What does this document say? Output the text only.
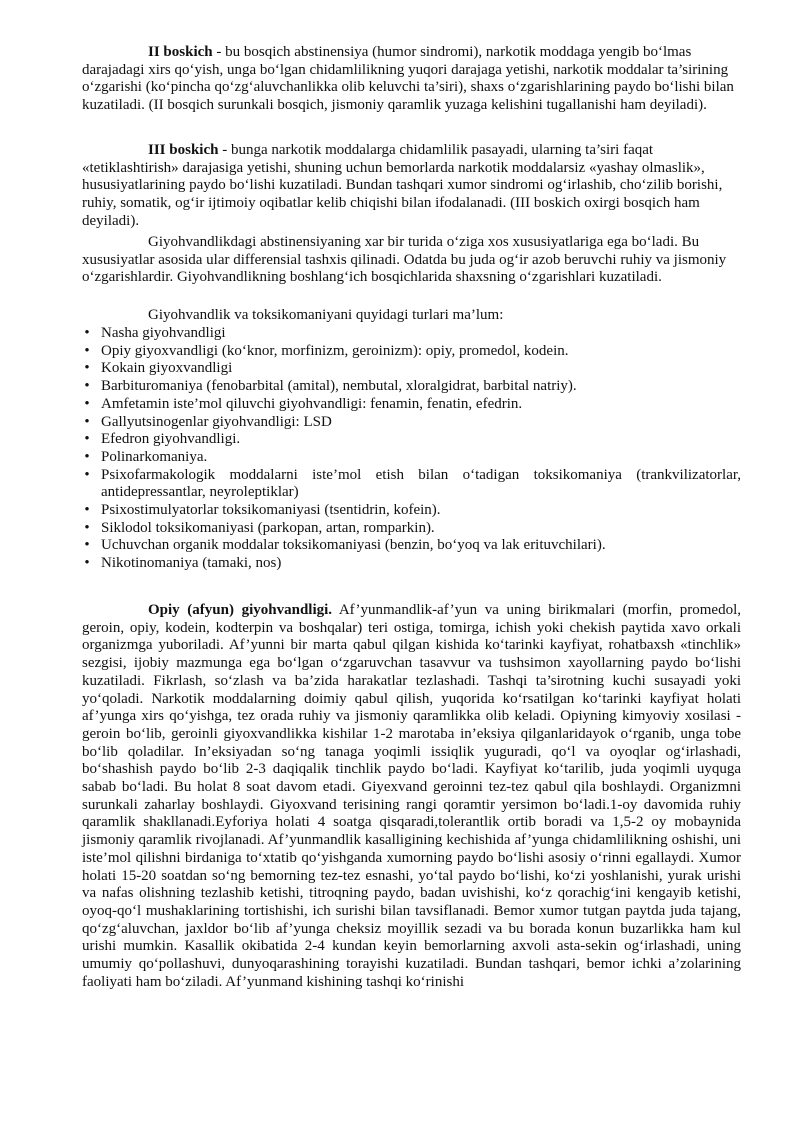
II boskich - bu bosqich abstinensiya (humor sindromi), narkotik moddaga yengib bo‘lmas darajadagi xirs qo‘yish, unga bo‘lgan chidamlilikning yuqori darajaga yetishi, narkotik moddalar ta’sirining o‘zgarishi (ko‘pincha qo‘zg‘aluvchanlikka olib keluvchi ta’siri), shaxs o‘zgarishlarining paydo bo‘lishi bilan kuzatiladi. (II bosqich surunkali bosqich, jismoniy qaramlik yuzaga kelishini tugallanishi ham deyiladi).

III boskich - bunga narkotik moddalarga chidamlilik pasayadi, ularning ta’siri faqat «tetiklashtirish» darajasiga yetishi, shuning uchun bemorlarda narkotik moddalarsiz «yashay olmaslik», hususiyatlarining paydo bo‘lishi kuzatiladi. Bundan tashqari xumor sindromi og‘irlashib, cho‘zilib borishi, ruhiy, somatik, og‘ir ijtimoiy oqibatlar kelib chiqishi bilan ifodalanadi. (III boskich oxirgi bosqich ham deyiladi).

Giyohvandlikdagi abstinensiyaning xar bir turida o‘ziga xos xususiyatlariga ega bo‘ladi. Bu xususiyatlar asosida ular differensial tashxis qilinadi. Odatda bu juda og‘ir azob beruvchi ruhiy va jismoniy o‘zgarishlardir. Giyohvandlikning boshlang‘ich bosqichlarida shaxsning o‘zgarishlari kuzatiladi.

Giyohvandlik va toksikomaniyani quyidagi turlari ma’lum:

• Nasha giyohvandligi
• Opiy giyoxvandligi (ko‘knor, morfinizm, geroinizm): opiy, promedol, kodein.
• Kokain giyoxvandligi
• Barbituromaniya (fenobarbital (amital), nembutal, xloralgidrat, barbital natriy).
• Amfetamin iste’mol qiluvchi giyohvandligi: fenamin, fenatin, efedrin.
• Gallyutsinogenlar giyohvandligi: LSD
• Efedron giyohvandligi.
• Polinarkomaniya.
• Psixofarmakologik moddalarni iste’mol etish bilan o‘tadigan toksikomaniya (trankvilizatorlar, antidepressantlar, neyroleptiklar)
• Psixostimulyatorlar toksikomaniyasi (tsentidrin, kofein).
• Siklodol toksikomaniyasi (parkopan, artan, romparkin).
• Uchuvchan organik moddalar toksikomaniyasi (benzin, bo‘yoq va lak erituvchilari).
• Nikotinomaniya (tamaki, nos)

Opiy (afyun) giyohvandligi. Af’yunmandlik-af’yun va uning birikmalari (morfin, promedol, geroin, opiy, kodein, kodterpin va boshqalar) teri ostiga, tomirga, ichish yoki chekish paytida xavo orkali organizmga yuboriladi. Af’yunni bir marta qabul qilgan kishida ko‘tarinki kayfiyat, rohatbaxsh «tinchlik» sezgisi, ijobiy mazmunga ega bo‘lgan o‘zgaruvchan tasavvur va tushsimon xayollarning paydo bo‘lishi kuzatiladi. Fikrlash, so‘zlash va ba’zida harakatlar tezlashadi. Tashqi ta’sirotning kuchi susayadi yoki yo‘qoladi. Narkotik moddalarning doimiy qabul qilish, yuqorida ko‘rsatilgan ko‘tarinki kayfiyat holati af’yunga xirs qo‘yishga, tez orada ruhiy va jismoniy qaramlikka olib keladi. Opiyning kimyoviy xosilasi - geroin bo‘lib, geroinli giyoxvandlikka kishilar 1-2 marotaba in’eksiya qilganlaridayok o‘rganib, unga tobe bo‘lib qoladilar. In’eksiyadan so‘ng tanaga yoqimli issiqlik yuguradi, qo‘l va oyoqlar og‘irlashadi, bo‘shashish paydo bo‘lib 2-3 daqiqalik tinchlik paydo bo‘ladi. Kayfiyat ko‘tarilib, juda yoqimli uyquga sabab bo‘ladi. Bu holat 8 soat davom etadi. Giyexvand geroinni tez-tez qabul qila boshlaydi. Organizmni surunkali zaharlay boshlaydi. Giyoxvand terisining rangi qoramtir yersimon bo‘ladi.1-oy davomida ruhiy qaramlik shakllanadi.Eyforiya holati 4 soatga qisqaradi,tolerantlik ortib boradi va 1,5-2 oy mobaynida jismoniy qaramlik rivojlanadi. Af’yunmandlik kasalligining kechishida af’yunga chidamlilikning oshishi, uni iste’mol qilishni birdaniga to‘xtatib qo‘yishganda xumorning paydo bo‘lishi asosiy o‘rinni egallaydi. Xumor holati 15-20 soatdan so‘ng bemorning tez-tez esnashi, yo‘tal paydo bo‘lishi, ko‘zi yoshlanishi, yurak urishi va nafas olishning tezlashib ketishi, titroqning paydo, badan uvishishi, ko‘z qorachig‘ini kengayib ketishi, oyoq-qo‘l mushaklarining tortishishi, ich surishi bilan tavsiflanadi. Bemor xumor tutgan paytda juda tajang, qo‘zg‘aluvchan, jaxldor bo‘lib af’yunga cheksiz moyillik sezadi va bu borada konun buzarlikka ham kul urishi mumkin. Kasallik okibatida 2-4 kundan keyin bemorlarning axvoli asta-sekin og‘irlashadi, uning umumiy qo‘pollashuvi, dunyoqarashining torayishi kuzatiladi. Bundan tashqari, bemor ichki a’zolarining faoliyati ham bo‘ziladi. Af’yunmand kishining tashqi ko‘rinishi
